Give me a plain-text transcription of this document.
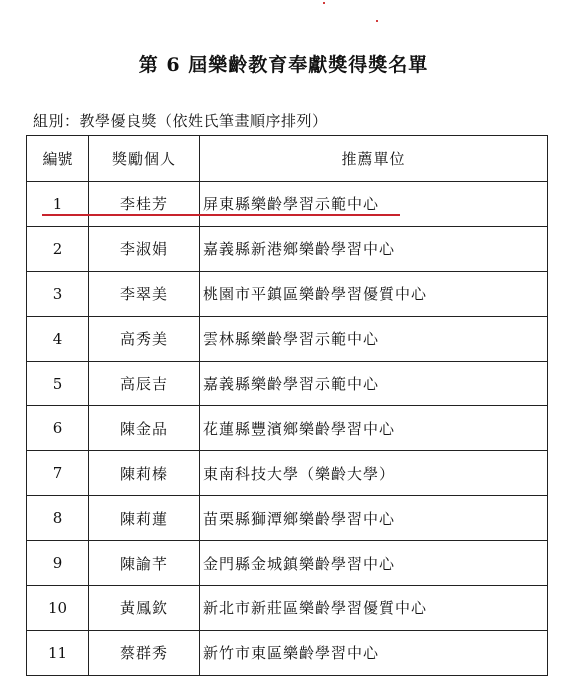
第 6 屆樂齡教育奉獻獎得獎名單
組別：教學優良獎（依姓氏筆畫順序排列）
編號	獎勵個人	推薦單位
1	李桂芳	屏東縣樂齡學習示範中心
2	李淑娟	嘉義縣新港鄉樂齡學習中心
3	李翠美	桃園市平鎮區樂齡學習優質中心
4	高秀美	雲林縣樂齡學習示範中心
5	高辰吉	嘉義縣樂齡學習示範中心
6	陳金品	花蓮縣豐濱鄉樂齡學習中心
7	陳莉榛	東南科技大學（樂齡大學）
8	陳莉蓮	苗栗縣獅潭鄉樂齡學習中心
9	陳諭芊	金門縣金城鎮樂齡學習中心
10	黃鳳欽	新北市新莊區樂齡學習優質中心
11	蔡群秀	新竹市東區樂齡學習中心
